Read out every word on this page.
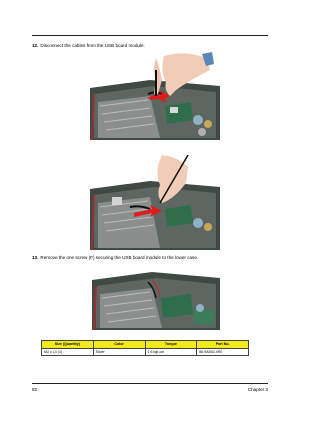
12. Disconnect the cables from the USB board module.
13. Remove the one screw (F) securing the USB board module to the lower case.
Size (Quantity)	Color	Torque	Part No.
M2 x L4 (1)	Silver	1.6 kgf-cm	86.9A552.4R0
82	Chapter 3
